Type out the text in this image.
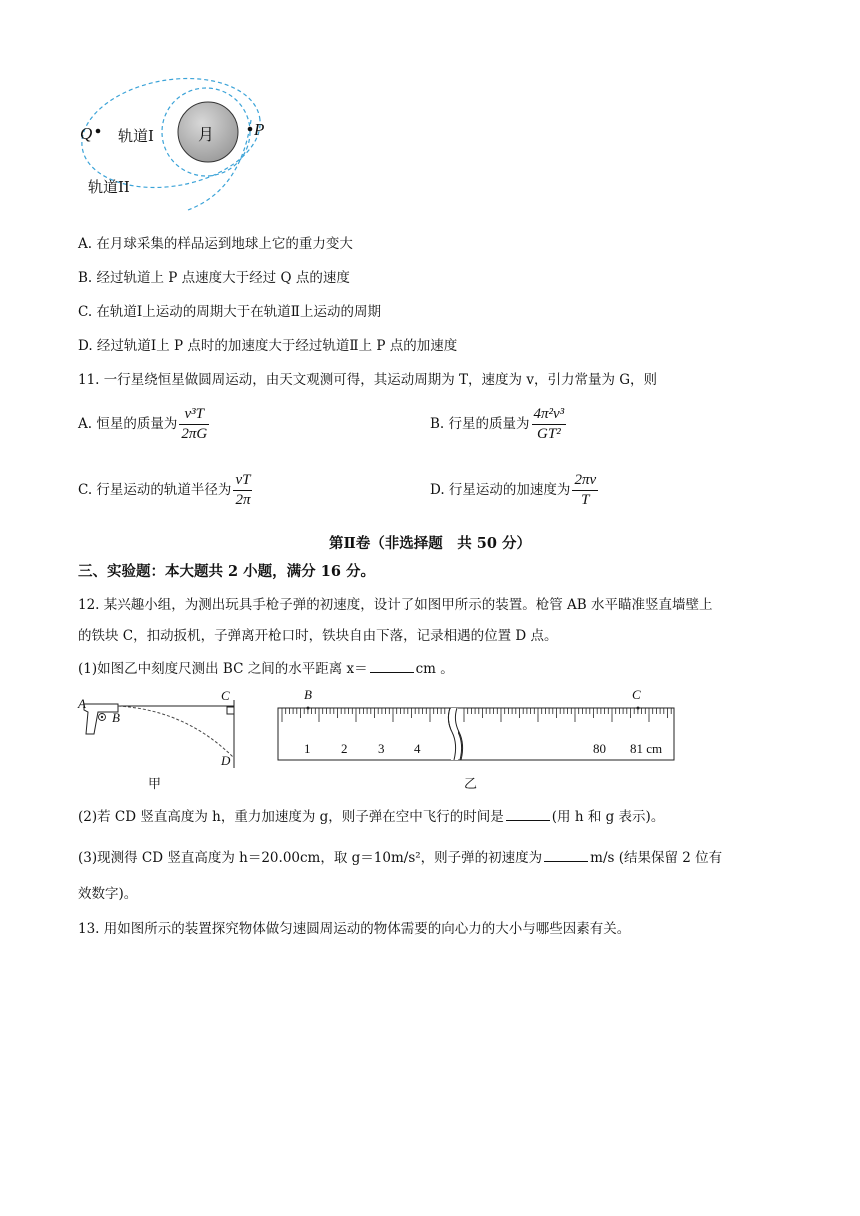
月
Q	P
轨道I
轨道II
A. 在月球采集的样品运到地球上它的重力变大
B. 经过轨道上 P 点速度大于经过 Q 点的速度
C. 在轨道Ⅰ上运动的周期大于在轨道Ⅱ上运动的周期
D. 经过轨道Ⅰ上 P 点时的加速度大于经过轨道Ⅱ上 P 点的加速度
11. 一行星绕恒星做圆周运动，由天文观测可得，其运动周期为 T，速度为 v，引力常量为 G，则
A. 恒星的质量为 $\frac{\text{v³T}}{2\pi G}$	B. 行星的质量为 $\frac{\text{4π²v³}}{\text{GT²}}$
C. 行星运动的轨道半径为 $\frac{vT}{2\pi}$	D. 行星运动的加速度为 $\frac{2\pi v}{T}$
第Ⅱ卷（非选择题　共 50 分）
三、实验题：本大题共 2 小题，满分 16 分。
12. 某兴趣小组，为测出玩具手枪子弹的初速度，设计了如图甲所示的装置。枪管 AB 水平瞄准竖直墙壁上
的铁块 C，扣动扳机，子弹离开枪口时，铁块自由下落，记录相遇的位置 D 点。
(1)如图乙中刻度尺测出 BC 之间的水平距离 x＝	cm 。
A
B
C
D
甲
B	C
1 2 3 4	80 81 cm
乙
(2)若 CD 竖直高度为 h，重力加速度为 g，则子弹在空中飞行的时间是	(用 h 和 g 表示)。
(3)现测得 CD 竖直高度为 h＝20.00cm，取 g＝10m/s²，则子弹的初速度为	m/s (结果保留 2 位有
效数字)。
13. 用如图所示的装置探究物体做匀速圆周运动的物体需要的向心力的大小与哪些因素有关。
